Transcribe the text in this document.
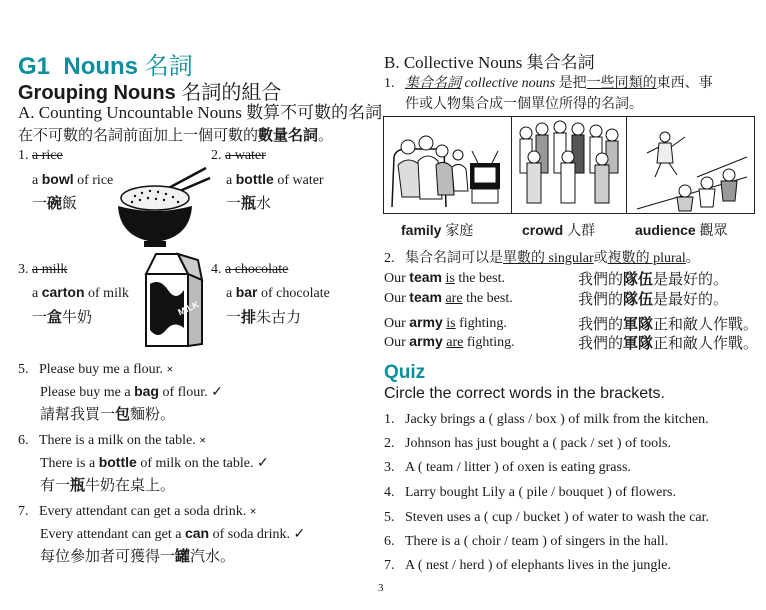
G1 Nouns 名詞
Grouping Nouns 名詞的組合
A. Counting Uncountable Nouns 數算不可數的名詞
在不可數的名詞前面加上一個可數的數量名詞。
1. a rice
a bowl of rice
一碗飯
2. a water
a bottle of water
一瓶水
3. a milk
a carton of milk
一盒牛奶
4. a chocolate
a bar of chocolate
一排朱古力
MILK
5. Please buy me a flour. ×
Please buy me a bag of flour. ✓
請幫我買一包麵粉。
6. There is a milk on the table. ×
There is a bottle of milk on the table. ✓
有一瓶牛奶在桌上。
7. Every attendant can get a soda drink. ×
Every attendant can get a can of soda drink. ✓
每位參加者可獲得一罐汽水。
B. Collective Nouns 集合名詞
1. 集合名詞 collective nouns 是把一些同類的東西、事
件或人物集合成一個單位所得的名詞。
family 家庭	crowd 人群	audience 觀眾
2. 集合名詞可以是單數的 singular或複數的 plural。
Our team is the best.	我們的隊伍是最好的。
Our team are the best.	我們的隊伍是最好的。
Our army is fighting.	我們的軍隊正和敵人作戰。
Our army are fighting.	我們的軍隊正和敵人作戰。
Quiz
Circle the correct words in the brackets.
1. Jacky brings a ( glass / box ) of milk from the kitchen.
2. Johnson has just bought a ( pack / set ) of tools.
3. A ( team / litter ) of oxen is eating grass.
4. Larry bought Lily a ( pile / bouquet ) of flowers.
5. Steven uses a ( cup / bucket ) of water to wash the car.
6. There is a ( choir / team ) of singers in the hall.
7. A ( nest / herd ) of elephants lives in the jungle.
3
